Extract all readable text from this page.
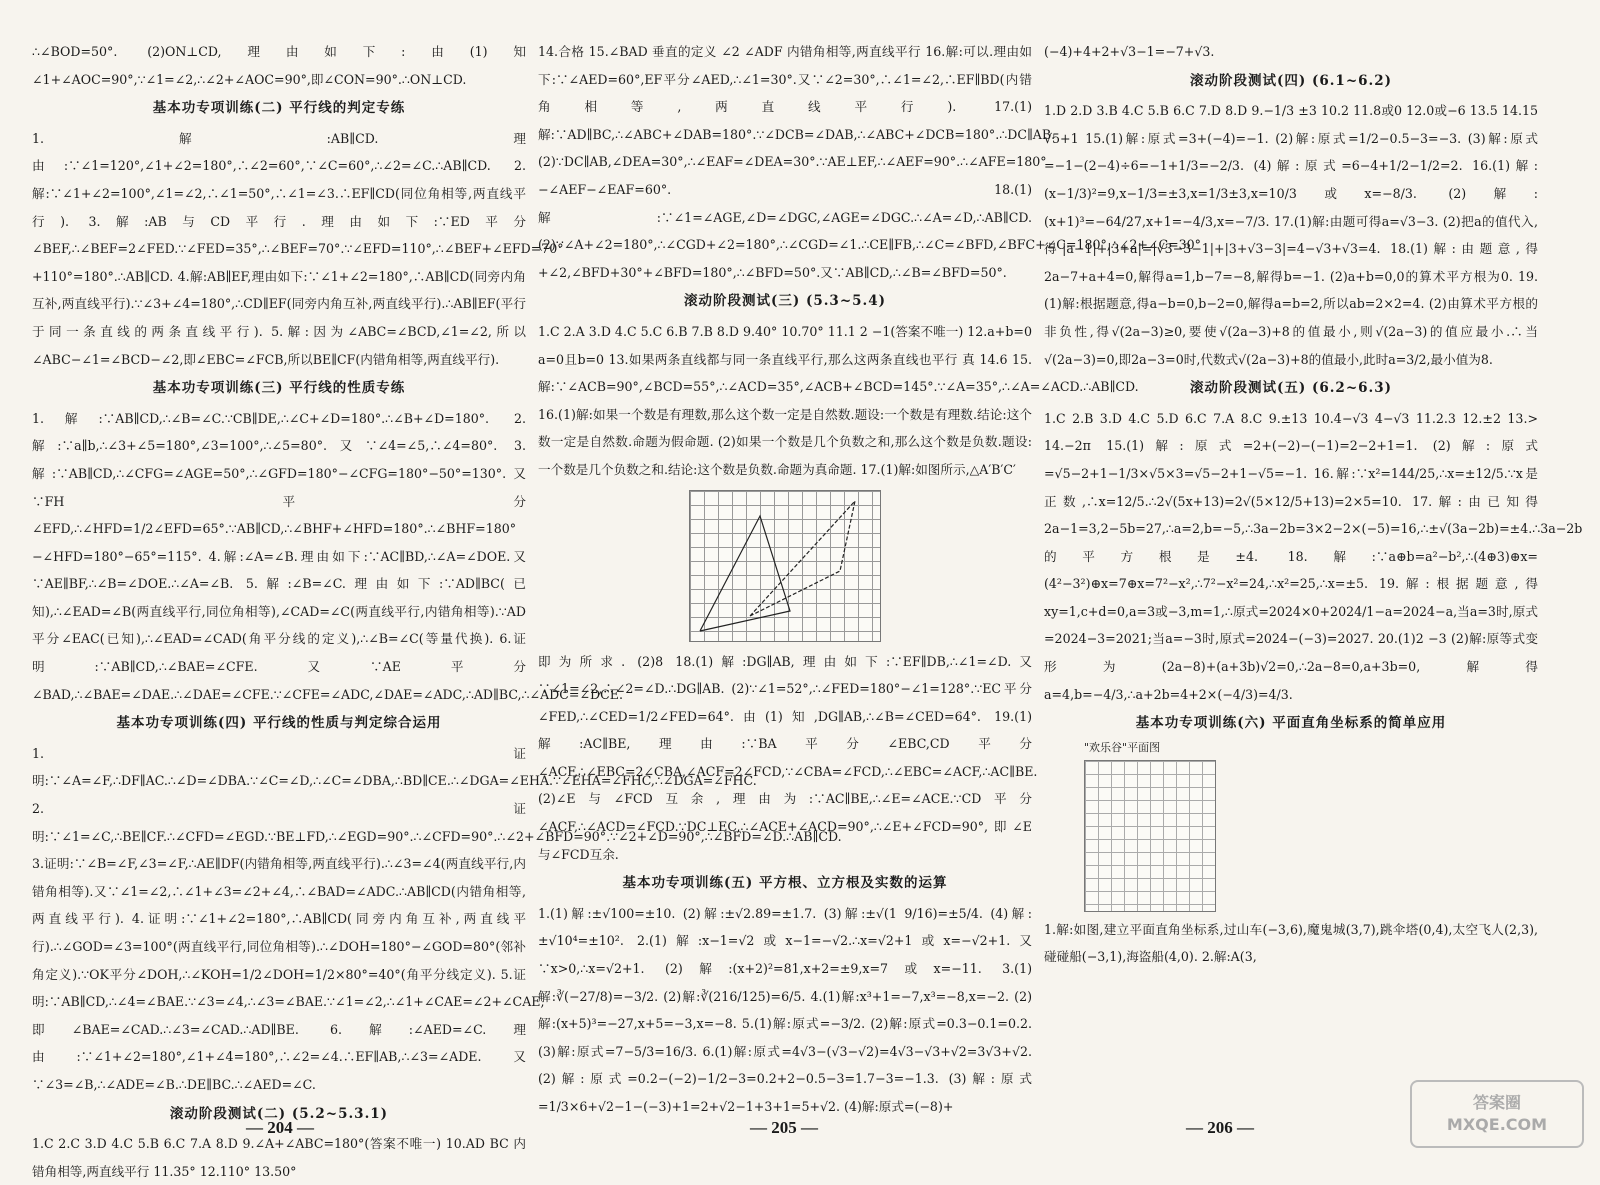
∴∠BOD=50°. (2)ON⊥CD,理由如下:由(1)知∠1+∠AOC=90°,∵∠1=∠2,∴∠2+∠AOC=90°,即∠CON=90°.∴ON⊥CD.

基本功专项训练(二) 平行线的判定专练

1.解:AB∥CD.理由:∵∠1=120°,∠1+∠2=180°,∴∠2=60°,∵∠C=60°,∴∠2=∠C.∴AB∥CD. 2.解:∵∠1+∠2=100°,∠1=∠2,∴∠1=50°,∴∠1=∠3.∴EF∥CD(同位角相等,两直线平行). 3.解:AB与CD平行.理由如下:∵ED平分∠BEF,∴∠BEF=2∠FED.∵∠FED=35°,∴∠BEF=70°.∵∠EFD=110°,∴∠BEF+∠EFD=70°+110°=180°.∴AB∥CD. 4.解:AB∥EF,理由如下:∵∠1+∠2=180°,∴AB∥CD(同旁内角互补,两直线平行).∵∠3+∠4=180°,∴CD∥EF(同旁内角互补,两直线平行).∴AB∥EF(平行于同一条直线的两条直线平行). 5.解:因为∠ABC=∠BCD,∠1=∠2,所以∠ABC−∠1=∠BCD−∠2,即∠EBC=∠FCB,所以BE∥CF(内错角相等,两直线平行).

基本功专项训练(三) 平行线的性质专练

1.解:∵AB∥CD,∴∠B=∠C.∵CB∥DE,∴∠C+∠D=180°.∴∠B+∠D=180°. 2.解:∵a∥b,∴∠3+∠5=180°,∠3=100°,∴∠5=80°.又∵∠4=∠5,∴∠4=80°. 3.解:∵AB∥CD,∴∠CFG=∠AGE=50°,∴∠GFD=180°−∠CFG=180°−50°=130°.又∵FH平分∠EFD,∴∠HFD=1/2∠EFD=65°.∵AB∥CD,∴∠BHF+∠HFD=180°.∴∠BHF=180°−∠HFD=180°−65°=115°. 4.解:∠A=∠B.理由如下:∵AC∥BD,∴∠A=∠DOE.又∵AE∥BF,∴∠B=∠DOE.∴∠A=∠B. 5.解:∠B=∠C.理由如下:∵AD∥BC(已知),∴∠EAD=∠B(两直线平行,同位角相等),∠CAD=∠C(两直线平行,内错角相等).∵AD平分∠EAC(已知),∴∠EAD=∠CAD(角平分线的定义),∴∠B=∠C(等量代换). 6.证明:∵AB∥CD,∴∠BAE=∠CFE.又∵AE平分∠BAD,∴∠BAE=∠DAE.∴∠DAE=∠CFE.∵∠CFE=∠ADC,∠DAE=∠ADC,∴AD∥BC,∴∠ADC=∠DCE.

基本功专项训练(四) 平行线的性质与判定综合运用

1.证明:∵∠A=∠F,∴DF∥AC.∴∠D=∠DBA.∵∠C=∠D,∴∠C=∠DBA,∴BD∥CE.∴∠DGA=∠EHA.∵∠EHA=∠FHC,∴∠DGA=∠FHC. 2.证明:∵∠1=∠C,∴BE∥CF.∴∠CFD=∠EGD.∵BE⊥FD,∴∠EGD=90°.∴∠CFD=90°.∴∠2+∠BFD=90°.∵∠2+∠D=90°,∴∠BFD=∠D.∴AB∥CD. 3.证明:∵∠B=∠F,∠3=∠F,∴AE∥DF(内错角相等,两直线平行).∴∠3=∠4(两直线平行,内错角相等).又∵∠1=∠2,∴∠1+∠3=∠2+∠4,∴∠BAD=∠ADC.∴AB∥CD(内错角相等,两直线平行). 4.证明:∵∠1+∠2=180°,∴AB∥CD(同旁内角互补,两直线平行).∴∠GOD=∠3=100°(两直线平行,同位角相等).∴∠DOH=180°−∠GOD=80°(邻补角定义).∵OK平分∠DOH,∴∠KOH=1/2∠DOH=1/2×80°=40°(角平分线定义). 5.证明:∵AB∥CD,∴∠4=∠BAE.∵∠3=∠4,∴∠3=∠BAE.∵∠1=∠2,∴∠1+∠CAE=∠2+∠CAE,即∠BAE=∠CAD.∴∠3=∠CAD.∴AD∥BE. 6.解:∠AED=∠C.理由:∵∠1+∠2=180°,∠1+∠4=180°,∴∠2=∠4.∴EF∥AB,∴∠3=∠ADE.又∵∠3=∠B,∴∠ADE=∠B.∴DE∥BC.∴∠AED=∠C.

滚动阶段测试(二) (5.2~5.3.1)

1.C 2.C 3.D 4.C 5.B 6.C 7.A 8.D 9.∠A+∠ABC=180°(答案不唯一) 10.AD BC 内错角相等,两直线平行 11.35° 12.110° 13.50°

14.合格 15.∠BAD 垂直的定义 ∠2 ∠ADF 内错角相等,两直线平行 16.解:可以.理由如下:∵∠AED=60°,EF平分∠AED,∴∠1=30°.又∵∠2=30°,∴∠1=∠2,∴EF∥BD(内错角相等,两直线平行). 17.(1)解:∵AD∥BC,∴∠ABC+∠DAB=180°.∵∠DCB=∠DAB,∴∠ABC+∠DCB=180°.∴DC∥AB. (2)∵DC∥AB,∠DEA=30°,∴∠EAF=∠DEA=30°.∵AE⊥EF,∴∠AEF=90°.∴∠AFE=180°−∠AEF−∠EAF=60°. 18.(1)解:∵∠1=∠AGE,∠D=∠DGC,∠AGE=∠DGC.∴∠A=∠D,∴AB∥CD. (2)∵∠A+∠2=180°,∴∠CGD+∠2=180°,∴∠CGD=∠1.∴CE∥FB,∴∠C=∠BFD,∠BFC+∠C=180°,∴∠2+∠C=30°+∠2,∠BFD+30°+∠BFD=180°,∴∠BFD=50°.又∵AB∥CD,∴∠B=∠BFD=50°.

滚动阶段测试(三) (5.3~5.4)

1.C 2.A 3.D 4.C 5.C 6.B 7.B 8.D 9.40° 10.70° 11.1 2 −1(答案不唯一) 12.a+b=0 a=0且b=0 13.如果两条直线都与同一条直线平行,那么这两条直线也平行 真 14.6 15.解:∵∠ACB=90°,∠BCD=55°,∴∠ACD=35°,∠ACB+∠BCD=145°.∵∠A=35°,∴∠A=∠ACD.∴AB∥CD. 16.(1)解:如果一个数是有理数,那么这个数一定是自然数.题设:一个数是有理数.结论:这个数一定是自然数.命题为假命题. (2)如果一个数是几个负数之和,那么这个数是负数.题设:一个数是几个负数之和.结论:这个数是负数.命题为真命题. 17.(1)解:如图所示,△A′B′C′

即为所求. (2)8 18.(1)解:DG∥AB,理由如下:∵EF∥DB,∴∠1=∠D.又∵∠1=∠2,∴∠2=∠D.∴DG∥AB. (2)∵∠1=52°,∴∠FED=180°−∠1=128°.∵EC平分∠FED,∴∠CED=1/2∠FED=64°.由(1)知,DG∥AB,∴∠B=∠CED=64°. 19.(1)解:AC∥BE,理由:∵BA平分∠EBC,CD平分∠ACF,∴∠EBC=2∠CBA,∠ACF=2∠FCD,∵∠CBA=∠FCD,∴∠EBC=∠ACF,∴AC∥BE. (2)∠E与∠FCD互余,理由为:∵AC∥BE,∴∠E=∠ACE.∵CD平分∠ACF,∴∠ACD=∠FCD.∵DC⊥EC,∴∠ACE+∠ACD=90°,∴∠E+∠FCD=90°,即∠E与∠FCD互余.

基本功专项训练(五) 平方根、立方根及实数的运算

1.(1)解:±√100=±10. (2)解:±√2.89=±1.7. (3)解:±√(1 9/16)=±5/4. (4)解:±√10⁴=±10². 2.(1)解:x−1=√2或x−1=−√2.∴x=√2+1或x=−√2+1.又∵x>0,∴x=√2+1. (2)解:(x+2)²=81,x+2=±9,x=7或x=−11. 3.(1)解:∛(−27/8)=−3/2. (2)解:∛(216/125)=6/5. 4.(1)解:x³+1=−7,x³=−8,x=−2. (2)解:(x+5)³=−27,x+5=−3,x=−8. 5.(1)解:原式=−3/2. (2)解:原式=0.3−0.1=0.2. (3)解:原式=7−5/3=16/3. 6.(1)解:原式=4√3−(√3−√2)=4√3−√3+√2=3√3+√2. (2)解:原式=0.2−(−2)−1/2−3=0.2+2−0.5−3=1.7−3=−1.3. (3)解:原式=1/3×6+√2−1−(−3)+1=2+√2−1+3+1=5+√2. (4)解:原式=(−8)+

(−4)+4+2+√3−1=−7+√3.

滚动阶段测试(四) (6.1~6.2)

1.D 2.D 3.B 4.C 5.B 6.C 7.D 8.D 9.−1/3 ±3 10.2 11.8或0 12.0或−6 13.5 14.15 √5+1 15.(1)解:原式=3+(−4)=−1. (2)解:原式=1/2−0.5−3=−3. (3)解:原式=−1−(2−4)÷6=−1+1/3=−2/3. (4)解:原式=6−4+1/2−1/2=2. 16.(1)解:(x−1/3)²=9,x−1/3=±3,x=1/3±3,x=10/3或x=−8/3. (2)解:(x+1)³=−64/27,x+1=−4/3,x=−7/3. 17.(1)解:由题可得a=√3−3. (2)把a的值代入,得|a−1|+|3+a|=|√3−3−1|+|3+√3−3|=4−√3+√3=4. 18.(1)解:由题意,得2a−7+a+4=0,解得a=1,b−7=−8,解得b=−1. (2)a+b=0,0的算术平方根为0. 19.(1)解:根据题意,得a−b=0,b−2=0,解得a=b=2,所以ab=2×2=4. (2)由算术平方根的非负性,得√(2a−3)≥0,要使√(2a−3)+8的值最小,则√(2a−3)的值应最小.∴当√(2a−3)=0,即2a−3=0时,代数式√(2a−3)+8的值最小,此时a=3/2,最小值为8.

滚动阶段测试(五) (6.2~6.3)

1.C 2.B 3.D 4.C 5.D 6.C 7.A 8.C 9.±13 10.4−√3 4−√3 11.2.3 12.±2 13.> 14.−2π 15.(1)解:原式=2+(−2)−(−1)=2−2+1=1. (2)解:原式=√5−2+1−1/3×√5×3=√5−2+1−√5=−1. 16.解:∵x²=144/25,∴x=±12/5.∵x是正数,∴x=12/5.∴2√(5x+13)=2√(5×12/5+13)=2×5=10. 17.解:由已知得2a−1=3,2−5b=27,∴a=2,b=−5,∴3a−2b=3×2−2×(−5)=16,∴±√(3a−2b)=±4.∴3a−2b的平方根是±4. 18.解:∵a⊕b=a²−b²,∴(4⊕3)⊕x=(4²−3²)⊕x=7⊕x=7²−x²,∴7²−x²=24,∴x²=25,∴x=±5. 19.解:根据题意,得xy=1,c+d=0,a=3或−3,m=1,∴原式=2024×0+2024/1−a=2024−a,当a=3时,原式=2024−3=2021;当a=−3时,原式=2024−(−3)=2027. 20.(1)2 −3 (2)解:原等式变形为(2a−8)+(a+3b)√2=0,∴2a−8=0,a+3b=0,解得a=4,b=−4/3,∴a+2b=4+2×(−4/3)=4/3.

基本功专项训练(六) 平面直角坐标系的简单应用

"欢乐谷"平面图

1.解:如图,建立平面直角坐标系,过山车(−3,6),魔鬼城(3,7),跳伞塔(0,4),太空飞人(2,3),碰碰船(−3,1),海盗船(4,0). 2.解:A(3,

— 204 —	— 205 —	— 206 —
答案圈
MXQE.COM
